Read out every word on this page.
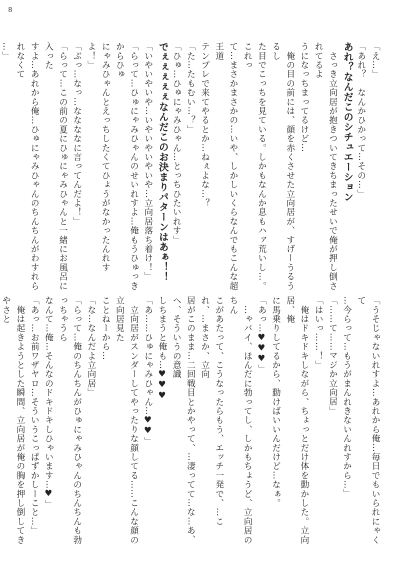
8

「え…」

「あれ？　なんかひかって…その…」

あれ？なんだこのシチュエーション

　さっき立向居が抱きついてきちまったせいで俺が押し倒されてるよ

うになっちまってるけど…

　俺の目の前には、顔を赤くさせた立向居が、すげーうるうるし

た目でこっちを見ている。しかもなんか息もハァ荒いし…。これっ

て…まさかまさかの…いや、しかしいくらなんでもこんな超王道

テンプレで来てやるとか…ねぇよな…？

「た…たもむい…？」

「ひゅ…ひゅにゃみひゃん…とっちひたいれす」

でぇぇぇぇぇなんだこのお決まりパターンはあぁ！！

「いやいやいや…いやいやいやいや…立向居落ち着け！」

「らって…ひゅにゃみひゃんのせいれすよ…俺もうひゅっきからひゅ

にゃみひゃんとえっちしたくてひょうがなかったんれすよ！」

「ぶっ…なっ…ななななに言ってんだよ！」

「らって…この前の夏にひゅにゃみひゃんと一緒にお風呂に入った

すよ…あれから俺…ひゅにゃみひゃんのちんちんがわすれられなくて

…」

「うそじゃないれすよ…あれから俺…毎日でもいられにゃくて

…今らって…もうがまんれきないんれすから…」

「……て……マジか立向居」

「はいっ……！」

　俺はドキドキしながら、ちょっとだけ体を動かした。立向居、俺

に馬乗りしてるから、動けばいいんだけど…なぁ。

「あっ…♥♥♥」

　…ゃバイ、ほんだに勃ってし、しかもちょうど、立向居のちん

こがあたって、こうなったらもう、エッチ一発で、…これ、…まさか、立向

居がこのまま…二回戦目とかやって、…凄ってて…な…あ、ヘ、そういうの意識

しちまうと俺も…♥♥♥

「あ……ひゅにゃみひゃん…♥♥」

　立向居がスンダーしてやったりな顔してる……こんな顔の立向居見た

ことねーから…

「な…なんだよ立向居」

「らって…俺のちんちんがひゅにゃみひゃんのちんちんも勃っちゃうら

なんて…俺…そんなのドキドキしひゃいます…♥」

「あっ…お前ワザヤロ…そういうこっぱずかしーこと…」

　俺は起きようとした瞬間、立向居が俺の胸を押し倒してきやさと
